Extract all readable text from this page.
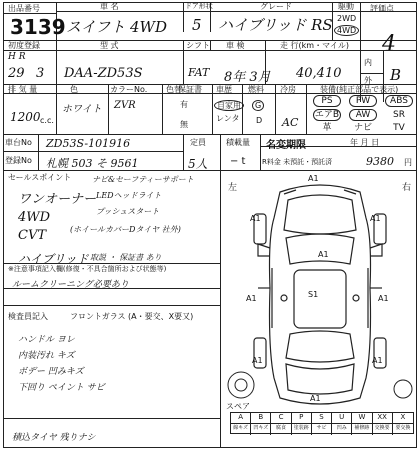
出品番号
3139
車 名
スイフト 4WD
ドア形状
5
グレード
ハイブリッド RS
駆動
2WD
4WD
評価点
4
初度登録	型 式	シフト 車 検	走 行(km・マイル)
H R
29 3 DAA-ZD53S	FAT 8年 3月 40,410
内
B
外
排 気 量	色	カラーNo. 色替
保証書 車歴 燃料 冷房	装備(純正部品で表示)
1200 c.c.
ホワイト ZVR	有
無
自家用
レンタ
G
D AC
PS	PW	ABS
エアB	AW	SR
革	ナビ	TV
車台No ZD53S-101916
登録No 札幌 503 そ 9561
定員
5人
積載量
− t
名変期限	年 月 日
R料金 未預託・預託済	9380 円
セールスポイント
ワンオーナー
4WD
CVT
ハイブリッド
ナビ&セーフティーサポート
LEDヘッドライト
プッシュスタート
(ホイールカバーDタイヤ 社外)
取説 ・ 保証書 あり
※注意事項記入欄(修復・不具合箇所および状態等)
ルームクリーニング必要あり
検査員記入	フロントガラス (A・要交、X要又)
ハンドル ヨレ
内装汚れ キズ
ボデー 凹みキズ
下回り ペイント サビ
積込タイヤ 残りナシ
左	右
A1
A1	A1
A1
S1
A1	A1
A1	A1
A1
スペア
A	B	C	P	S	U	W	XX	X
線キズ	凹キズ	腐食	塗装跡	サビ	凹み	補修跡	交換要	要交換
